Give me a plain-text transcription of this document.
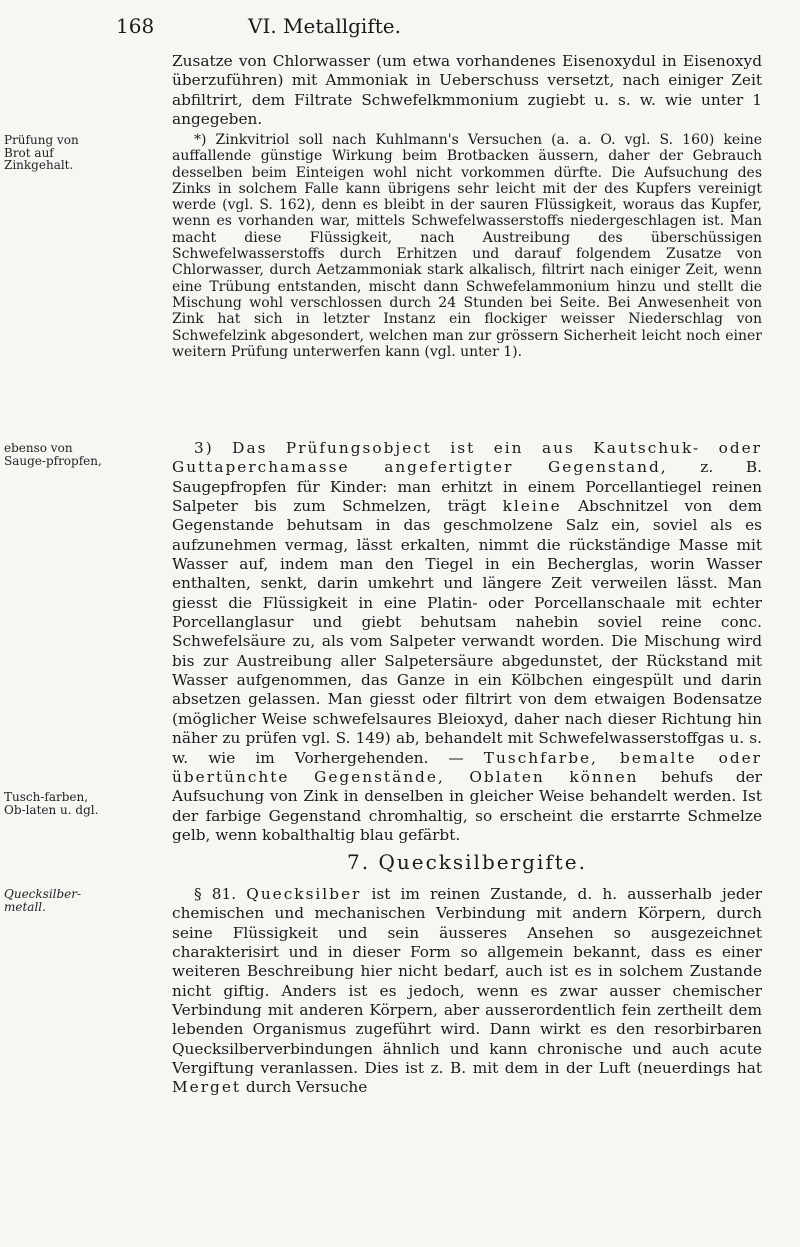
168	VI. Metallgifte.

Zusatze von Chlorwasser (um etwa vorhandenes Eisenoxydul in Eisenoxyd überzuführen) mit Ammoniak in Ueberschuss versetzt, nach einiger Zeit abfiltrirt, dem Filtrate Schwefelkmmonium zugiebt u. s. w. wie unter 1 angegeben.

Prüfung von Brot auf Zinkgehalt.

*) Zinkvitriol soll nach Kuhlmann's Versuchen (a. a. O. vgl. S. 160) keine auffallende günstige Wirkung beim Brotbacken äussern, daher der Gebrauch desselben beim Einteigen wohl nicht vorkommen dürfte. Die Aufsuchung des Zinks in solchem Falle kann übrigens sehr leicht mit der des Kupfers vereinigt werde (vgl. S. 162), denn es bleibt in der sauren Flüssigkeit, woraus das Kupfer, wenn es vorhanden war, mittels Schwefelwasserstoffs niedergeschlagen ist. Man macht diese Flüssigkeit, nach Austreibung des überschüssigen Schwefelwasserstoffs durch Erhitzen und darauf folgendem Zusatze von Chlorwasser, durch Aetzammoniak stark alkalisch, filtrirt nach einiger Zeit, wenn eine Trübung entstanden, mischt dann Schwefelammonium hinzu und stellt die Mischung wohl verschlossen durch 24 Stunden bei Seite. Bei Anwesenheit von Zink hat sich in letzter Instanz ein flockiger weisser Niederschlag von Schwefelzink abgesondert, welchen man zur grössern Sicherheit leicht noch einer weitern Prüfung unterwerfen kann (vgl. unter 1).

ebenso von Sauge-pfropfen,

3) Das Prüfungsobject ist ein aus Kautschuk- oder Guttaperchamasse angefertigter Gegenstand, z. B. Saugepfropfen für Kinder: man erhitzt in einem Porcellantiegel reinen Salpeter bis zum Schmelzen, trägt kleine Abschnitzel von dem Gegenstande behutsam in das geschmolzene Salz ein, soviel als es aufzunehmen vermag, lässt erkalten, nimmt die rückständige Masse mit Wasser auf, indem man den Tiegel in ein Becherglas, worin Wasser enthalten, senkt, darin umkehrt und längere Zeit verweilen lässt. Man giesst die Flüssigkeit in eine Platin- oder Porcellanschaale mit echter Porcellanglasur und giebt behutsam nahebin soviel reine conc. Schwefelsäure zu, als vom Salpeter verwandt worden. Die Mischung wird bis zur Austreibung aller Salpetersäure abgedunstet, der Rückstand mit Wasser aufgenommen, das Ganze in ein Kölbchen eingespült und darin absetzen gelassen. Man giesst oder filtrirt von dem etwaigen Bodensatze (möglicher Weise schwefelsaures Bleioxyd, daher nach dieser Richtung hin näher zu prüfen vgl. S. 149) ab, behandelt mit Schwefelwasserstoffgas u. s. w. wie im Vorhergehenden. — Tuschfarbe, bemalte oder übertünchte Gegenstände, Oblaten können behufs der Aufsuchung von Zink in denselben in gleicher Weise behandelt werden. Ist der farbige Gegenstand chromhaltig, so erscheint die erstarrte Schmelze gelb, wenn kobalthaltig blau gefärbt.

Tusch-farben, Ob-laten u. dgl.
7. Quecksilbergifte.
Quecksilber-metall.

§ 81. Quecksilber ist im reinen Zustande, d. h. ausserhalb jeder chemischen und mechanischen Verbindung mit andern Körpern, durch seine Flüssigkeit und sein äusseres Ansehen so ausgezeichnet charakterisirt und in dieser Form so allgemein bekannt, dass es einer weiteren Beschreibung hier nicht bedarf, auch ist es in solchem Zustande nicht giftig. Anders ist es jedoch, wenn es zwar ausser chemischer Verbindung mit anderen Körpern, aber ausserordentlich fein zertheilt dem lebenden Organismus zugeführt wird. Dann wirkt es den resorbirbaren Quecksilberverbindungen ähnlich und kann chronische und auch acute Vergiftung veranlassen. Dies ist z. B. mit dem in der Luft (neuerdings hat Merget durch Versuche
